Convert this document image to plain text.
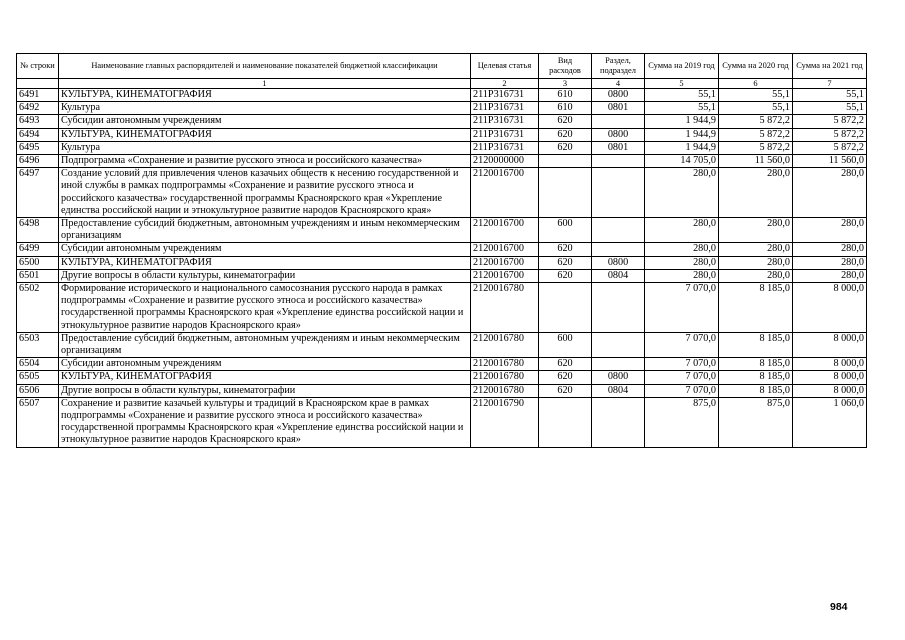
№ строки	Наименование главных распорядителей и наименование показателей бюджетной классификации	Целевая статья	Вид расходов	Раздел, подраздел	Сумма на 2019 год	Сумма на 2020 год	Сумма на 2021 год
	1	2	3	4	5	6	7
6491	КУЛЬТУРА, КИНЕМАТОГРАФИЯ	211P316731	610	0800	55,1	55,1	55,1
6492	Культура	211P316731	610	0801	55,1	55,1	55,1
6493	Субсидии автономным учреждениям	211P316731	620		1 944,9	5 872,2	5 872,2
6494	КУЛЬТУРА, КИНЕМАТОГРАФИЯ	211P316731	620	0800	1 944,9	5 872,2	5 872,2
6495	Культура	211P316731	620	0801	1 944,9	5 872,2	5 872,2
6496	Подпрограмма «Сохранение и развитие русского этноса и российского казачества»	2120000000			14 705,0	11 560,0	11 560,0
6497	Создание условий для привлечения членов казачьих обществ к несению государственной и иной службы в рамках подпрограммы «Сохранение и развитие русского этноса и российского казачества» государственной программы Красноярского края «Укрепление единства российской нации и этнокультурное развитие народов Красноярского края»	2120016700			280,0	280,0	280,0
6498	Предоставление субсидий бюджетным, автономным учреждениям и иным некоммерческим организациям	2120016700	600		280,0	280,0	280,0
6499	Субсидии автономным учреждениям	2120016700	620		280,0	280,0	280,0
6500	КУЛЬТУРА, КИНЕМАТОГРАФИЯ	2120016700	620	0800	280,0	280,0	280,0
6501	Другие вопросы в области культуры, кинематографии	2120016700	620	0804	280,0	280,0	280,0
6502	Формирование исторического и национального самосознания русского народа в рамках подпрограммы «Сохранение и развитие русского этноса и российского казачества» государственной программы Красноярского края «Укрепление единства российской нации и этнокультурное развитие народов Красноярского края»	2120016780			7 070,0	8 185,0	8 000,0
6503	Предоставление субсидий бюджетным, автономным учреждениям и иным некоммерческим организациям	2120016780	600		7 070,0	8 185,0	8 000,0
6504	Субсидии автономным учреждениям	2120016780	620		7 070,0	8 185,0	8 000,0
6505	КУЛЬТУРА, КИНЕМАТОГРАФИЯ	2120016780	620	0800	7 070,0	8 185,0	8 000,0
6506	Другие вопросы в области культуры, кинематографии	2120016780	620	0804	7 070,0	8 185,0	8 000,0
6507	Сохранение и развитие казачьей культуры и традиций в Красноярском крае в рамках подпрограммы «Сохранение и развитие русского этноса и российского казачества» государственной программы Красноярского края «Укрепление единства российской нации и этнокультурное развитие народов Красноярского края»	2120016790			875,0	875,0	1 060,0
984
